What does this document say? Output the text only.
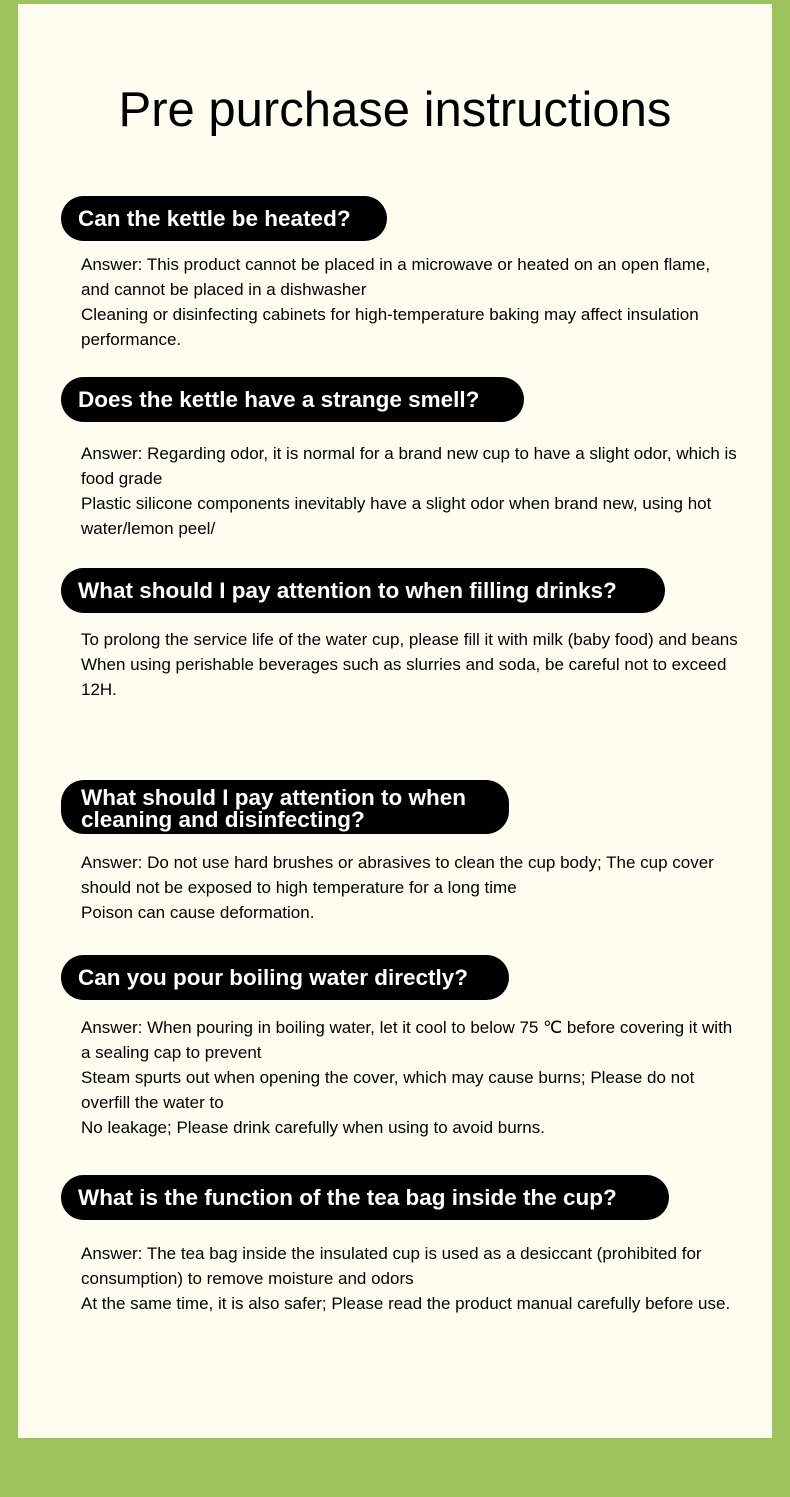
Pre purchase instructions
Can the kettle be heated?

Answer: This product cannot be placed in a microwave or heated on an open flame, and cannot be placed in a dishwasher

Cleaning or disinfecting cabinets for high-temperature baking may affect insulation performance.

Does the kettle have a strange smell?

Answer: Regarding odor, it is normal for a brand new cup to have a slight odor, which is food grade

Plastic silicone components inevitably have a slight odor when brand new, using hot water/lemon peel/

What should I pay attention to when filling drinks?

To prolong the service life of the water cup, please fill it with milk (baby food) and beans

When using perishable beverages such as slurries and soda, be careful not to exceed 12H.

What should I pay attention to when cleaning and disinfecting?

Answer: Do not use hard brushes or abrasives to clean the cup body; The cup cover should not be exposed to high temperature for a long time

Poison can cause deformation.

Can you pour boiling water directly?

Answer: When pouring in boiling water, let it cool to below 75 ℃ before covering it with a sealing cap to prevent

Steam spurts out when opening the cover, which may cause burns; Please do not overfill the water to

No leakage; Please drink carefully when using to avoid burns.

What is the function of the tea bag inside the cup?

Answer: The tea bag inside the insulated cup is used as a desiccant (prohibited for consumption) to remove moisture and odors

At the same time, it is also safer; Please read the product manual carefully before use.
